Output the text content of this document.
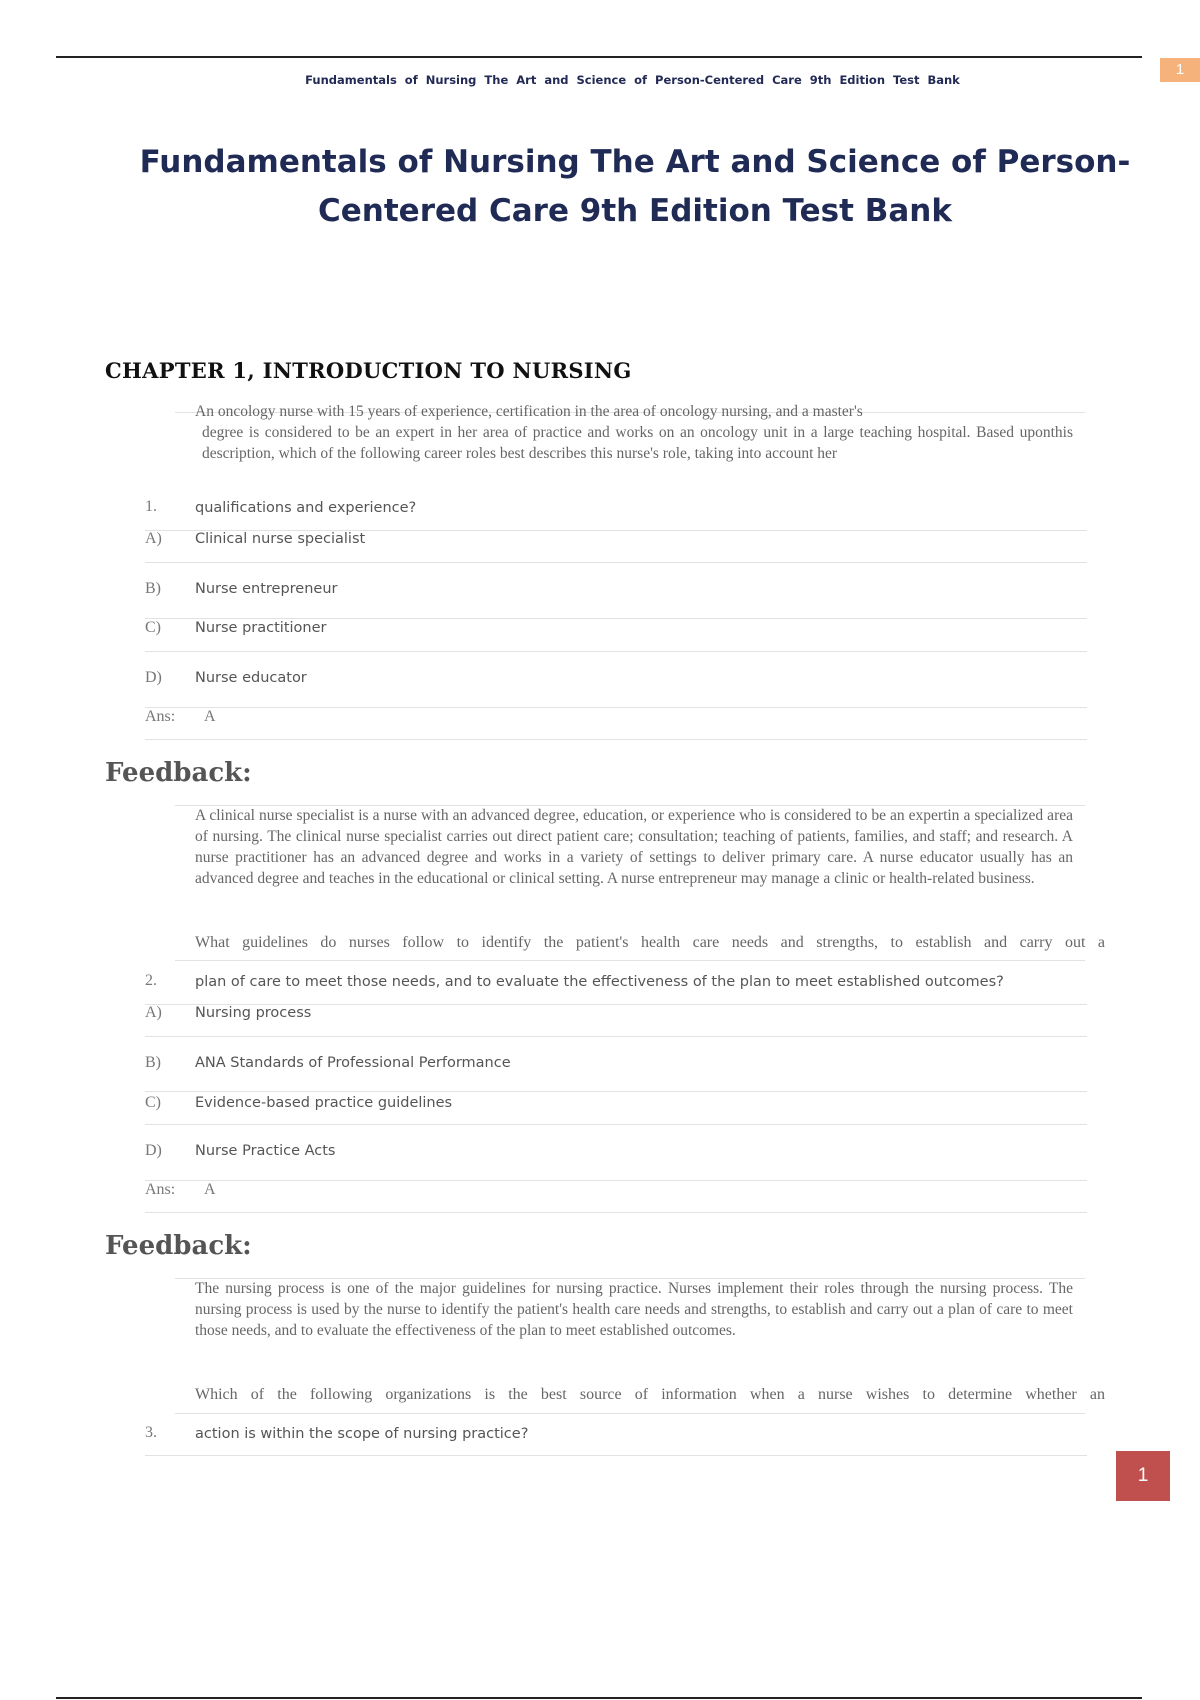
1
Fundamentals of Nursing The Art and Science of Person-Centered Care 9th Edition Test Bank
Fundamentals of Nursing The Art and Science of Person-Centered Care 9th Edition Test Bank
CHAPTER 1, INTRODUCTION TO NURSING
An oncology nurse with 15 years of experience, certification in the area of oncology nursing, and a master's
degree is considered to be an expert in her area of practice and works on an oncology unit in a large teaching hospital. Based uponthis description, which of the following career roles best describes this nurse's role, taking into account her
1.	qualifications and experience?
A) Clinical nurse specialist
B) Nurse entrepreneur
C) Nurse practitioner
D) Nurse educator
Ans: A
Feedback:
A clinical nurse specialist is a nurse with an advanced degree, education, or experience who is considered to be an expertin a specialized area of nursing. The clinical nurse specialist carries out direct patient care; consultation; teaching of patients, families, and staff; and research. A nurse practitioner has an advanced degree and works in a variety of settings to deliver primary care. A nurse educator usually has an advanced degree and teaches in the educational or clinical setting. A nurse entrepreneur may manage a clinic or health-related business.
What guidelines do nurses follow to identify the patient's health care needs and strengths, to establish and carry out a
2.	plan of care to meet those needs, and to evaluate the effectiveness of the plan to meet established outcomes?
A) Nursing process
B) ANA Standards of Professional Performance
C) Evidence-based practice guidelines
D) Nurse Practice Acts
Ans: A
Feedback:
The nursing process is one of the major guidelines for nursing practice. Nurses implement their roles through the nursing process. The nursing process is used by the nurse to identify the patient's health care needs and strengths, to establish and carry out a plan of care to meet those needs, and to evaluate the effectiveness of the plan to meet established outcomes.
Which of the following organizations is the best source of information when a nurse wishes to determine whether an
3.	action is within the scope of nursing practice?
1
